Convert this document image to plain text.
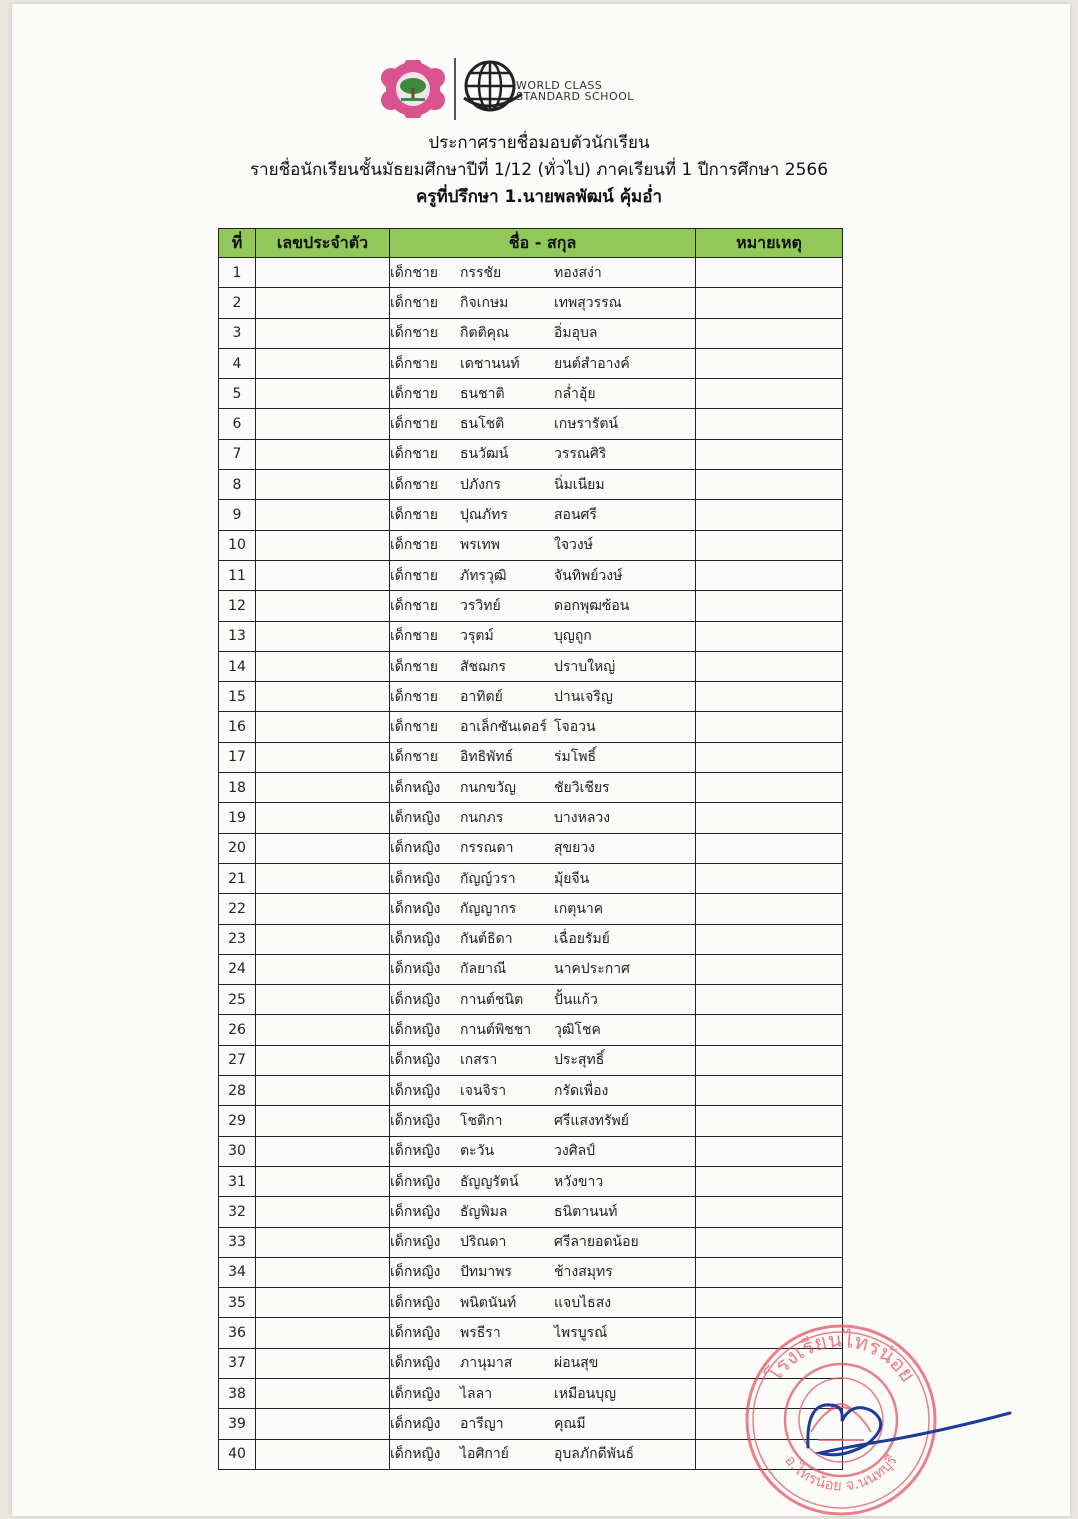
WORLD CLASS
STANDARD SCHOOL
ประกาศรายชื่อมอบตัวนักเรียน
รายชื่อนักเรียนชั้นมัธยมศึกษาปีที่ 1/12 (ทั่วไป) ภาคเรียนที่ 1 ปีการศึกษา 2566
ครูที่ปรึกษา 1.นายพลพัฒน์ คุ้มอ่ำ
ที่	เลขประจำตัว	ชื่อ - สกุล	หมายเหตุ
1		เด็กชาย กรรชัย ทองสง่า	

2		เด็กชาย กิจเกษม เทพสุวรรณ	

3		เด็กชาย กิตติคุณ อิ่มอุบล	

4		เด็กชาย เดชานนท์ ยนต์สำอางค์	

5		เด็กชาย ธนชาติ กล่ำอุ้ย	

6		เด็กชาย ธนโชติ เกษรารัตน์	

7		เด็กชาย ธนวัฒน์ วรรณศิริ	

8		เด็กชาย ปภังกร นิ่มเนียม	

9		เด็กชาย ปุณภัทร สอนศรี	

10		เด็กชาย พรเทพ ใจวงษ์	

11		เด็กชาย ภัทรวุฒิ จันทิพย์วงษ์	

12		เด็กชาย วรวิทย์ ดอกพุฒซ้อน	

13		เด็กชาย วรุตม์ บุญถูก	

14		เด็กชาย สัชฌกร ปราบใหญ่	

15		เด็กชาย อาทิตย์ ปานเจริญ	

16		เด็กชาย อาเล็กซันเดอร์ โจอวน	

17		เด็กชาย อิทธิพัทธ์ ร่มโพธิ์	

18		เด็กหญิง กนกขวัญ ชัยวิเชียร	

19		เด็กหญิง กนกภร บางหลวง	

20		เด็กหญิง กรรณดา สุขยวง	

21		เด็กหญิง กัญญ์วรา มุ้ยจีน	

22		เด็กหญิง กัญญากร เกตุนาค	

23		เด็กหญิง กันต์ธิดา เฉื่อยรัมย์	

24		เด็กหญิง กัลยาณี นาคประกาศ	

25		เด็กหญิง กานต์ชนิต ปั้นแก้ว	

26		เด็กหญิง กานต์พิชชา วุฒิโชค	

27		เด็กหญิง เกสรา ประสุทธิ์	

28		เด็กหญิง เจนจิรา กรัดเพื่อง	

29		เด็กหญิง โชติกา ศรีแสงทรัพย์	

30		เด็กหญิง ตะวัน วงศิลป์	

31		เด็กหญิง ธัญญรัตน์ หวังขาว	

32		เด็กหญิง ธัญพิมล ธนิตานนท์	

33		เด็กหญิง ปริณดา ศรีลายอดน้อย	

34		เด็กหญิง ปัทมาพร ช้างสมุทร	

35		เด็กหญิง พนิตนันท์ แจบไธสง	

36		เด็กหญิง พรธีรา ไพรบูรณ์	

37		เด็กหญิง ภานุมาส ผ่อนสุข	

38		เด็กหญิง ไลลา เหมือนบุญ	

39		เด็กหญิง อารีญา คุณมี	

40		เด็กหญิง ไอศิกาย์ อุบลภักดีพันธ์	

โรงเรียนไทรน้อย
อ.ไทรน้อย จ.นนทบุรี
